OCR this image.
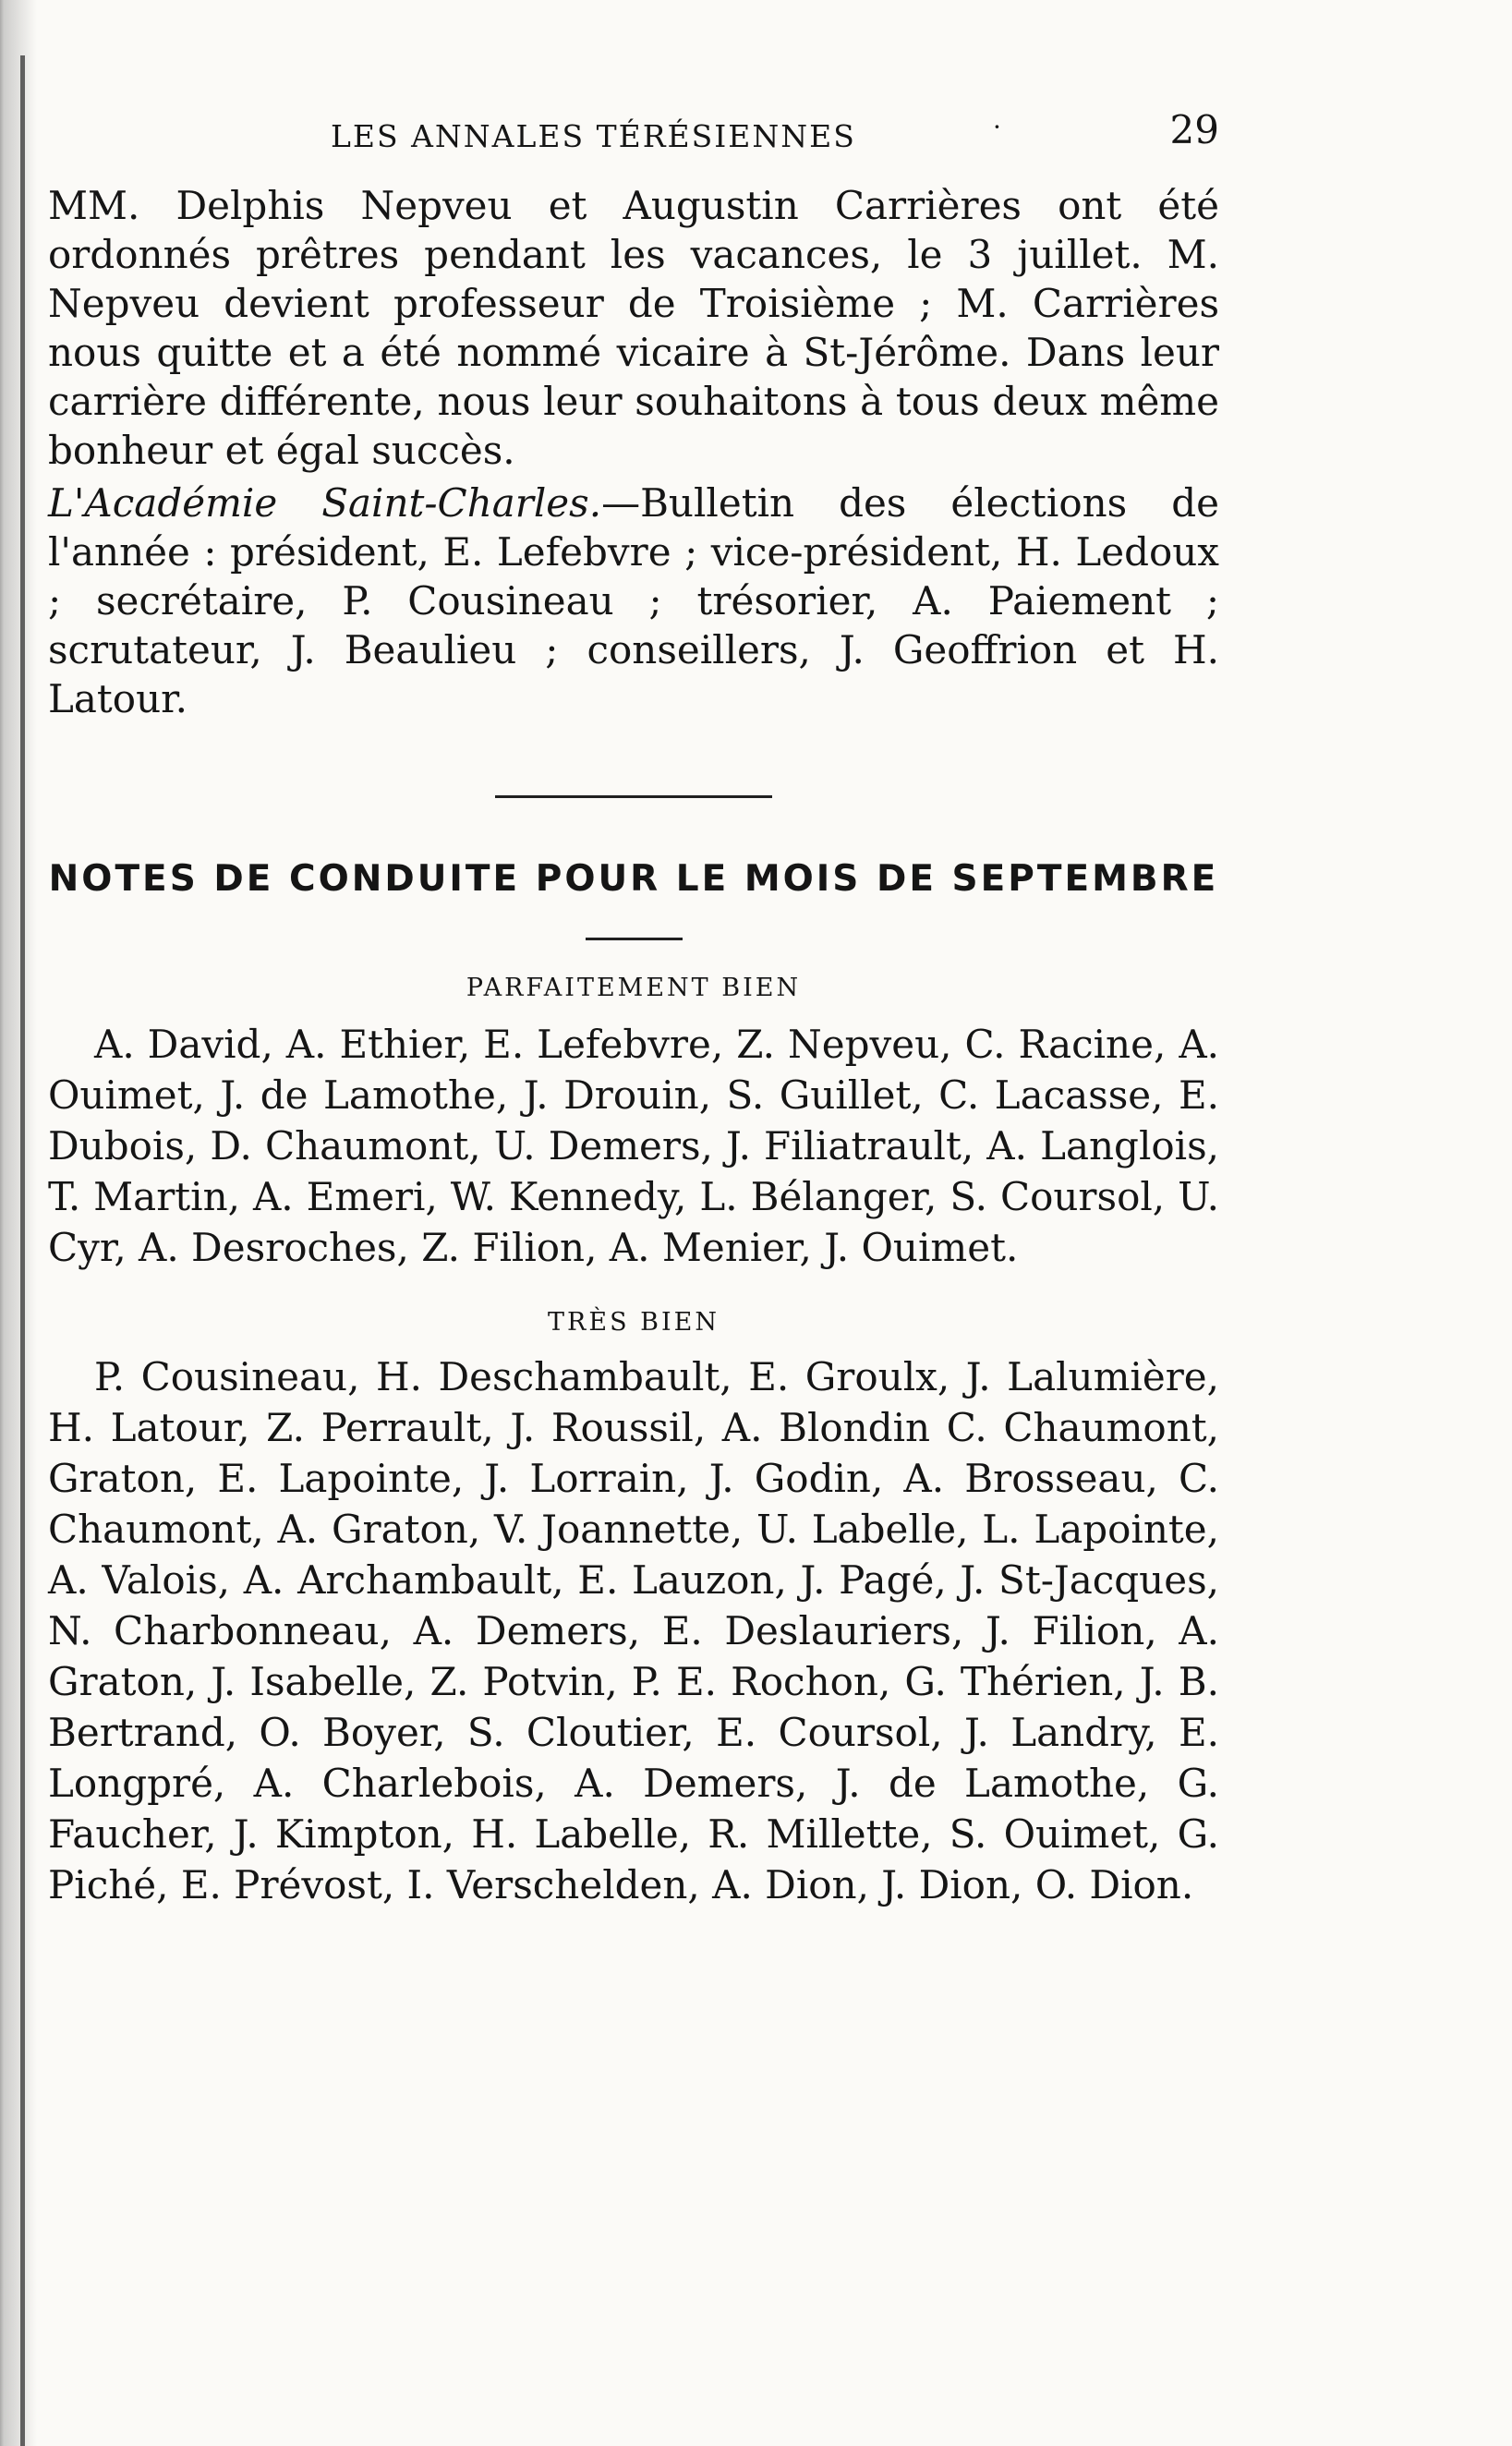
LES ANNALES TÉRÉSIENNES	·	29

MM. Delphis Nepveu et Augustin Carrières ont été ordonnés prêtres pendant les vacances, le 3 juillet. M. Nepveu devient professeur de Troisième ; M. Carrières nous quitte et a été nommé vicaire à St-Jérôme. Dans leur carrière différente, nous leur souhaitons à tous deux même bonheur et égal succès.

L'Académie Saint-Charles.—Bulletin des élections de l'année : président, E. Lefebvre ; vice-président, H. Ledoux ; secrétaire, P. Cousineau ; trésorier, A. Paiement ; scrutateur, J. Beaulieu ; conseillers, J. Geoffrion et H. Latour.

NOTES DE CONDUITE POUR LE MOIS DE SEPTEMBRE
PARFAITEMENT BIEN

A. David, A. Ethier, E. Lefebvre, Z. Nepveu, C. Racine, A. Ouimet, J. de Lamothe, J. Drouin, S. Guillet, C. Lacasse, E. Dubois, D. Chaumont, U. Demers, J. Filiatrault, A. Langlois, T. Martin, A. Emeri, W. Kennedy, L. Bélanger, S. Coursol, U. Cyr, A. Desroches, Z. Filion, A. Menier, J. Ouimet.

TRÈS BIEN

P. Cousineau, H. Deschambault, E. Groulx, J. Lalumière, H. Latour, Z. Perrault, J. Roussil, A. Blondin C. Chaumont, Graton, E. Lapointe, J. Lorrain, J. Godin, A. Brosseau, C. Chaumont, A. Graton, V. Joannette, U. Labelle, L. Lapointe, A. Valois, A. Archambault, E. Lauzon, J. Pagé, J. St-Jacques, N. Charbonneau, A. Demers, E. Deslauriers, J. Filion, A. Graton, J. Isabelle, Z. Potvin, P. E. Rochon, G. Thérien, J. B. Bertrand, O. Boyer, S. Cloutier, E. Coursol, J. Landry, E. Longpré, A. Charlebois, A. Demers, J. de Lamothe, G. Faucher, J. Kimpton, H. Labelle, R. Millette, S. Ouimet, G. Piché, E. Prévost, I. Verschelden, A. Dion, J. Dion, O. Dion.
